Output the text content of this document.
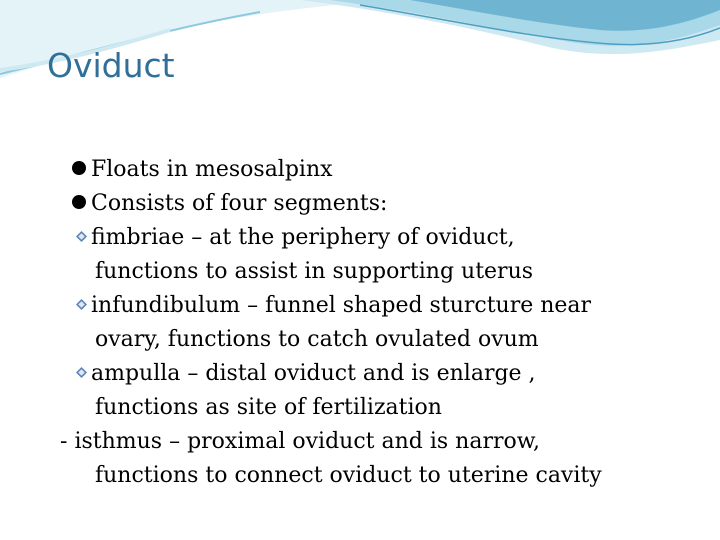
Oviduct
Floats in mesosalpinx
Consists of four segments:
fimbriae – at the periphery of oviduct,
functions to assist in supporting uterus
infundibulum – funnel shaped sturcture near
ovary, functions to catch ovulated ovum
ampulla – distal oviduct and is enlarge ,
functions as site of fertilization
- isthmus – proximal oviduct and is narrow,
functions to connect oviduct to uterine cavity
